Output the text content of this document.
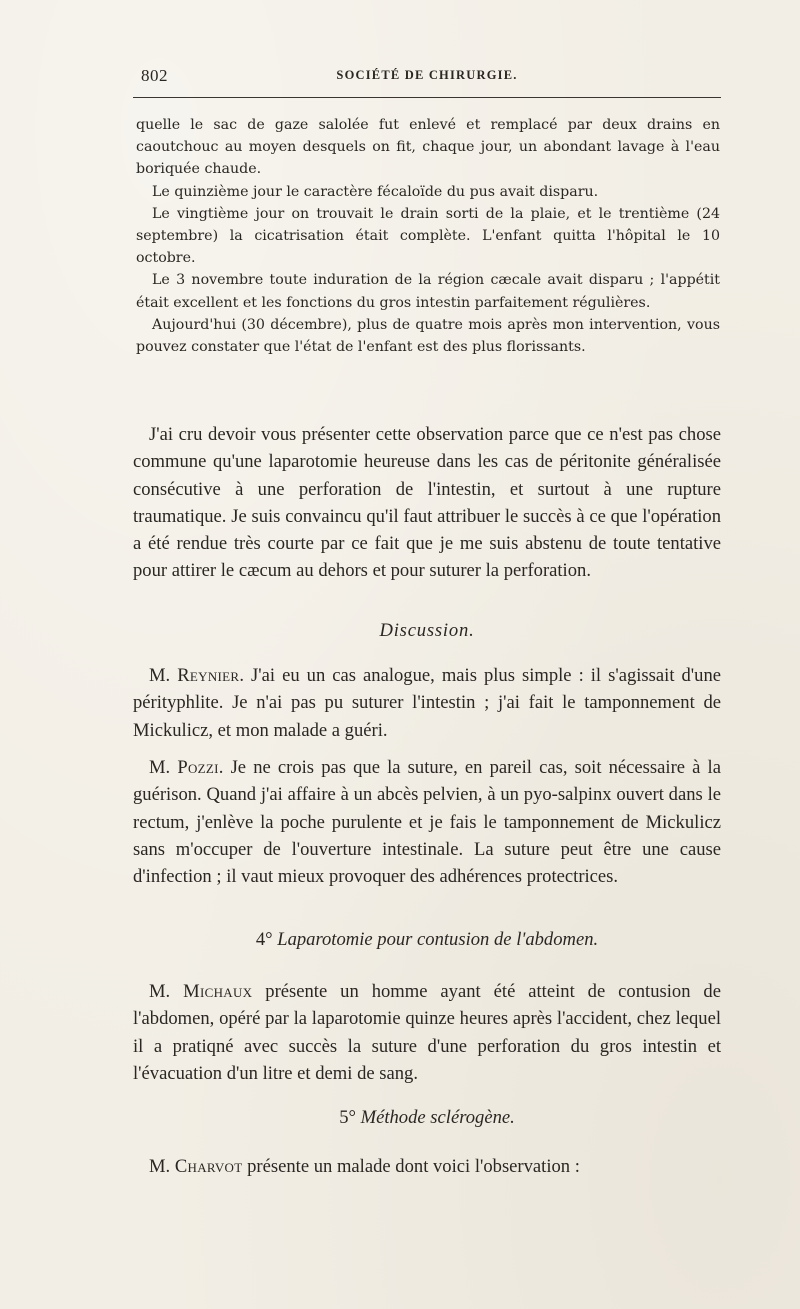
802	SOCIÉTÉ DE CHIRURGIE.

quelle le sac de gaze salolée fut enlevé et remplacé par deux drains en caoutchouc au moyen desquels on fit, chaque jour, un abondant lavage à l'eau boriquée chaude.

Le quinzième jour le caractère fécaloïde du pus avait disparu.

Le vingtième jour on trouvait le drain sorti de la plaie, et le trentième (24 septembre) la cicatrisation était complète. L'enfant quitta l'hôpital le 10 octobre.

Le 3 novembre toute induration de la région cæcale avait disparu ; l'appétit était excellent et les fonctions du gros intestin parfaitement régulières.

Aujourd'hui (30 décembre), plus de quatre mois après mon intervention, vous pouvez constater que l'état de l'enfant est des plus florissants.

J'ai cru devoir vous présenter cette observation parce que ce n'est pas chose commune qu'une laparotomie heureuse dans les cas de péritonite généralisée consécutive à une perforation de l'intestin, et surtout à une rupture traumatique. Je suis convaincu qu'il faut attribuer le succès à ce que l'opération a été rendue très courte par ce fait que je me suis abstenu de toute tentative pour attirer le cæcum au dehors et pour suturer la perforation.

Discussion.

M. Reynier. J'ai eu un cas analogue, mais plus simple : il s'agissait d'une pérityphlite. Je n'ai pas pu suturer l'intestin ; j'ai fait le tamponnement de Mickulicz, et mon malade a guéri.

M. Pozzi. Je ne crois pas que la suture, en pareil cas, soit nécessaire à la guérison. Quand j'ai affaire à un abcès pelvien, à un pyo-salpinx ouvert dans le rectum, j'enlève la poche purulente et je fais le tamponnement de Mickulicz sans m'occuper de l'ouverture intestinale. La suture peut être une cause d'infection ; il vaut mieux provoquer des adhérences protectrices.

4° Laparotomie pour contusion de l'abdomen.

M. Michaux présente un homme ayant été atteint de contusion de l'abdomen, opéré par la laparotomie quinze heures après l'accident, chez lequel il a pratiqné avec succès la suture d'une perforation du gros intestin et l'évacuation d'un litre et demi de sang.

5° Méthode sclérogène.

M. Charvot présente un malade dont voici l'observation :
